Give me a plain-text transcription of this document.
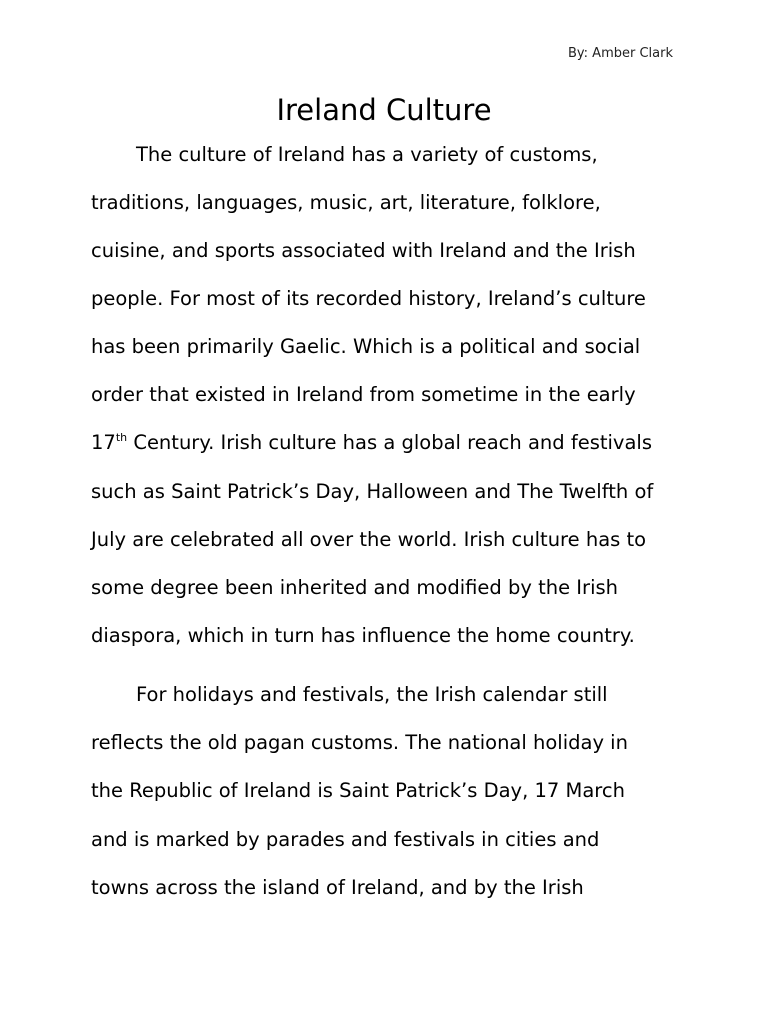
By: Amber Clark
Ireland Culture
The culture of Ireland has a variety of customs,
traditions, languages, music, art, literature, folklore,
cuisine, and sports associated with Ireland and the Irish
people. For most of its recorded history, Ireland’s culture
has been primarily Gaelic. Which is a political and social
order that existed in Ireland from sometime in the early
17th Century. Irish culture has a global reach and festivals
such as Saint Patrick’s Day, Halloween and The Twelfth of
July are celebrated all over the world. Irish culture has to
some degree been inherited and modified by the Irish
diaspora, which in turn has influence the home country.
For holidays and festivals, the Irish calendar still
reflects the old pagan customs. The national holiday in
the Republic of Ireland is Saint Patrick’s Day, 17 March
and is marked by parades and festivals in cities and
towns across the island of Ireland, and by the Irish
